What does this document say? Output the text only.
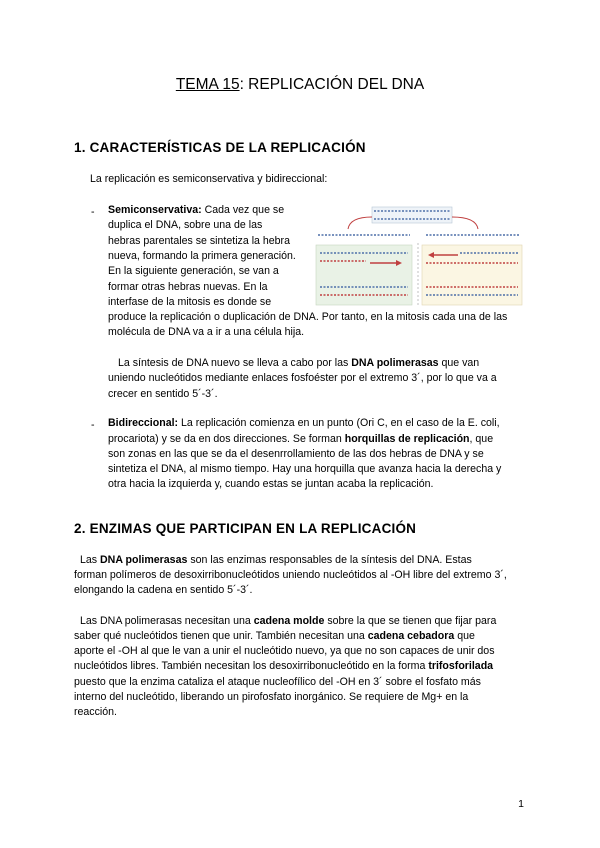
TEMA 15: REPLICACIÓN DEL DNA
1. CARACTERÍSTICAS DE LA REPLICACIÓN
La replicación es semiconservativa y bidireccional:
- Semiconservativa: Cada vez que se
duplica el DNA, sobre una de las
hebras parentales se sintetiza la hebra
nueva, formando la primera generación.
En la siguiente generación, se van a
formar otras hebras nuevas. En la
interfase de la mitosis es donde se
produce la replicación o duplicación de DNA. Por tanto, en la mitosis cada una de las
molécula de DNA va a ir a una célula hija.
La síntesis de DNA nuevo se lleva a cabo por las DNA polimerasas que van
uniendo nucleótidos mediante enlaces fosfoéster por el extremo 3´, por lo que va a
crecer en sentido 5´-3´.
- Bidireccional: La replicación comienza en un punto (Ori C, en el caso de la E. coli,
procariota) y se da en dos direcciones. Se forman horquillas de replicación, que
son zonas en las que se da el desenrrollamiento de las dos hebras de DNA y se
sintetiza el DNA, al mismo tiempo. Hay una horquilla que avanza hacia la derecha y
otra hacia la izquierda y, cuando estas se juntan acaba la replicación.
2. ENZIMAS QUE PARTICIPAN EN LA REPLICACIÓN
Las DNA polimerasas son las enzimas responsables de la síntesis del DNA. Estas
forman polímeros de desoxirribonucleótidos uniendo nucleótidos al -OH libre del extremo 3´,
elongando la cadena en sentido 5´-3´.
Las DNA polimerasas necesitan una cadena molde sobre la que se tienen que fijar para
saber qué nucleótidos tienen que unir. También necesitan una cadena cebadora que
aporte el -OH al que le van a unir el nucleótido nuevo, ya que no son capaces de unir dos
nucleótidos libres. También necesitan los desoxirribonucleótido en la forma trifosforilada
puesto que la enzima cataliza el ataque nucleofílico del -OH en 3´ sobre el fosfato más
interno del nucleótido, liberando un pirofosfato inorgánico. Se requiere de Mg+ en la
reacción.
1
